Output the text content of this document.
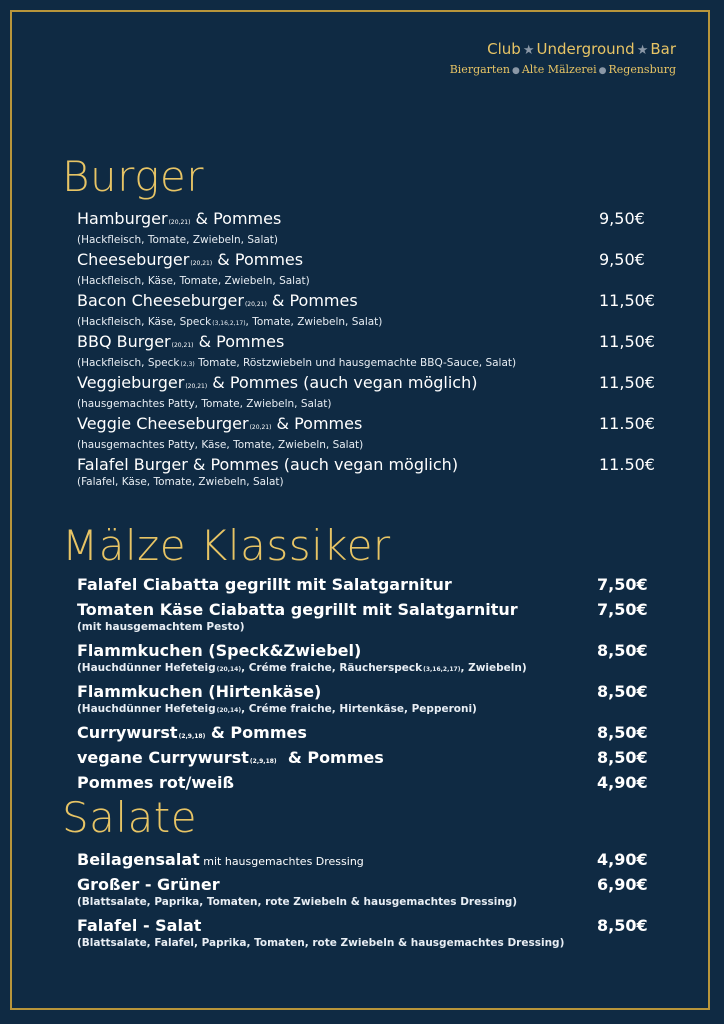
Club ★ Underground ★ Bar
Biergarten ● Alte Mälzerei ● Regensburg
Burger
Hamburger(20,21) & Pommes
(Hackfleisch, Tomate, Zwiebeln, Salat)
9,50€
Cheeseburger(20,21) & Pommes
(Hackfleisch, Käse, Tomate, Zwiebeln, Salat)
9,50€
Bacon Cheeseburger(20,21) & Pommes
(Hackfleisch, Käse, Speck(3,16,2,17), Tomate, Zwiebeln, Salat)
11,50€
BBQ Burger(20,21) & Pommes
(Hackfleisch, Speck(2,3) Tomate, Röstzwiebeln und hausgemachte BBQ-Sauce, Salat)
11,50€
Veggieburger(20,21) & Pommes (auch vegan möglich)
(hausgemachtes Patty, Tomate, Zwiebeln, Salat)
11,50€
Veggie Cheeseburger(20,21) & Pommes
(hausgemachtes Patty, Käse, Tomate, Zwiebeln, Salat)
11.50€
Falafel Burger & Pommes (auch vegan möglich)
(Falafel, Käse, Tomate, Zwiebeln, Salat)
11.50€
Mälze Klassiker
Falafel Ciabatta gegrillt mit Salatgarnitur	7,50€
Tomaten Käse Ciabatta gegrillt mit Salatgarnitur
(mit hausgemachtem Pesto)
7,50€
Flammkuchen (Speck&Zwiebel)
(Hauchdünner Hefeteig(20,14), Créme fraiche, Räucherspeck(3,16,2,17), Zwiebeln)
8,50€
Flammkuchen (Hirtenkäse)
(Hauchdünner Hefeteig(20,14), Créme fraiche, Hirtenkäse, Pepperoni)
8,50€
Currywurst(2,9,18) & Pommes	8,50€
vegane Currywurst(2,9,18)  & Pommes	8,50€
Pommes rot/weiß	4,90€
Salate
Beilagensalat mit hausgemachtes Dressing	4,90€
Großer - Grüner
(Blattsalate, Paprika, Tomaten, rote Zwiebeln & hausgemachtes Dressing)
6,90€
Falafel - Salat
(Blattsalate, Falafel, Paprika, Tomaten, rote Zwiebeln & hausgemachtes Dressing)
8,50€
